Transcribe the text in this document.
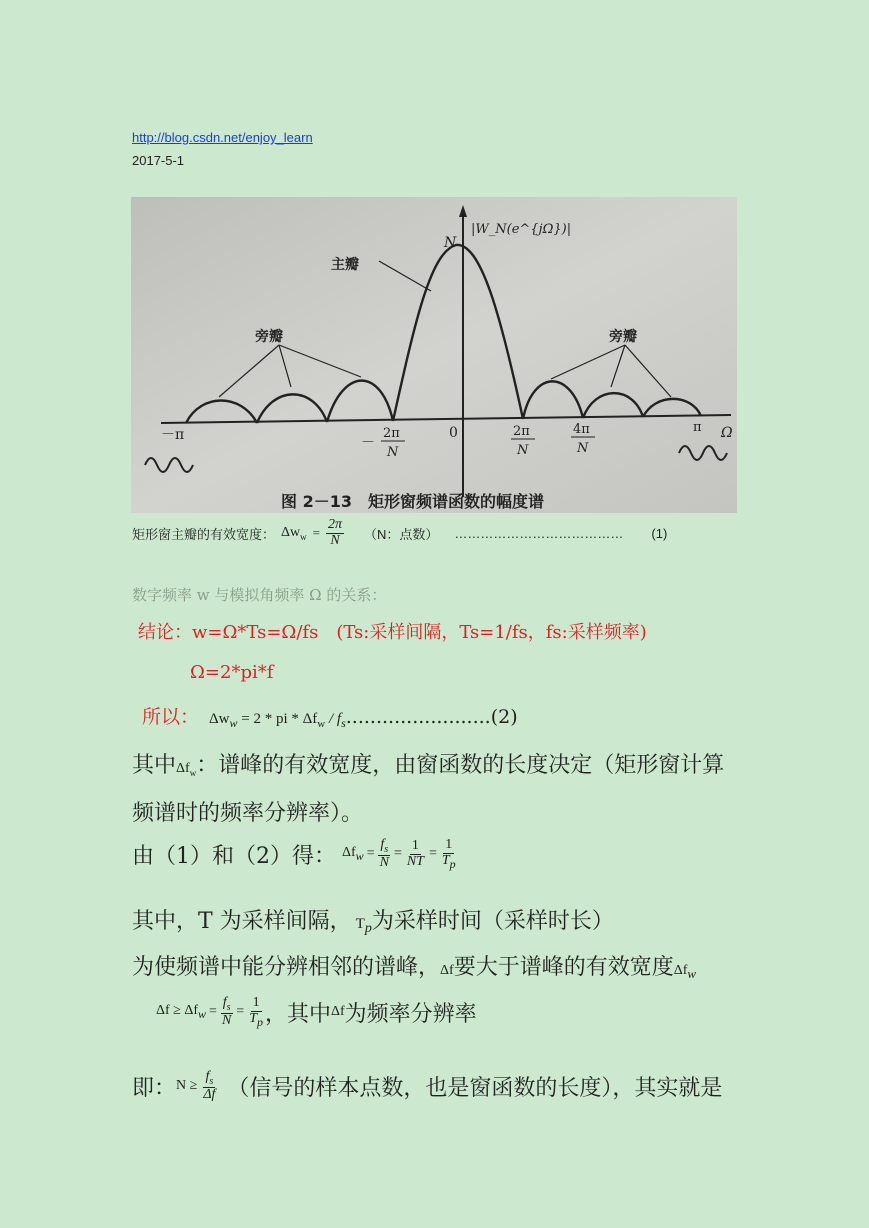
http://blog.csdn.net/enjoy_learn
2017-5-1
|W_N(e^{jΩ})|
N
主瓣
旁瓣	旁瓣
－π	－
2π
N
0	2π
N
4π
N
π Ω
图 2－13　矩形窗频谱函数的幅度谱
矩形窗主瓣的有效宽度： $\Delta w_w = \frac{2\pi}{N} (N$：点数） ………………………………… (1)
数字频率 w 与模拟角频率 Ω 的关系：
结论：w=Ω*Ts=Ω/fs　(Ts:采样间隔，Ts=1/fs，fs:采样频率)
Ω=2*pi*f
所以： $\Delta w_w = 2$ * pi * $\Delta f_w / f_s$ ........................(2)
其中 $\Delta f_w$ ：谱峰的有效宽度，由窗函数的长度决定（矩形窗计算
频谱时的频率分辨率）。
由（1）和（2）得： $\Delta f_w = \frac{f_s}{N} = \frac{1}{NT} = \frac{1}{T_p}$
其中，T 为采样间隔， $T_p$ 为采样时间（采样时长）
为使频谱中能分辨相邻的谱峰， Δf 要大于谱峰的有效宽度 $\Delta f_w$
$\Delta f \ge \Delta f_w = \frac{f_s}{N} = \frac{1}{T_p}$ ，其中 Δf 为频率分辨率
即： $N \ge \frac{f_s}{\Delta f}$ （信号的样本点数，也是窗函数的长度），其实就是
